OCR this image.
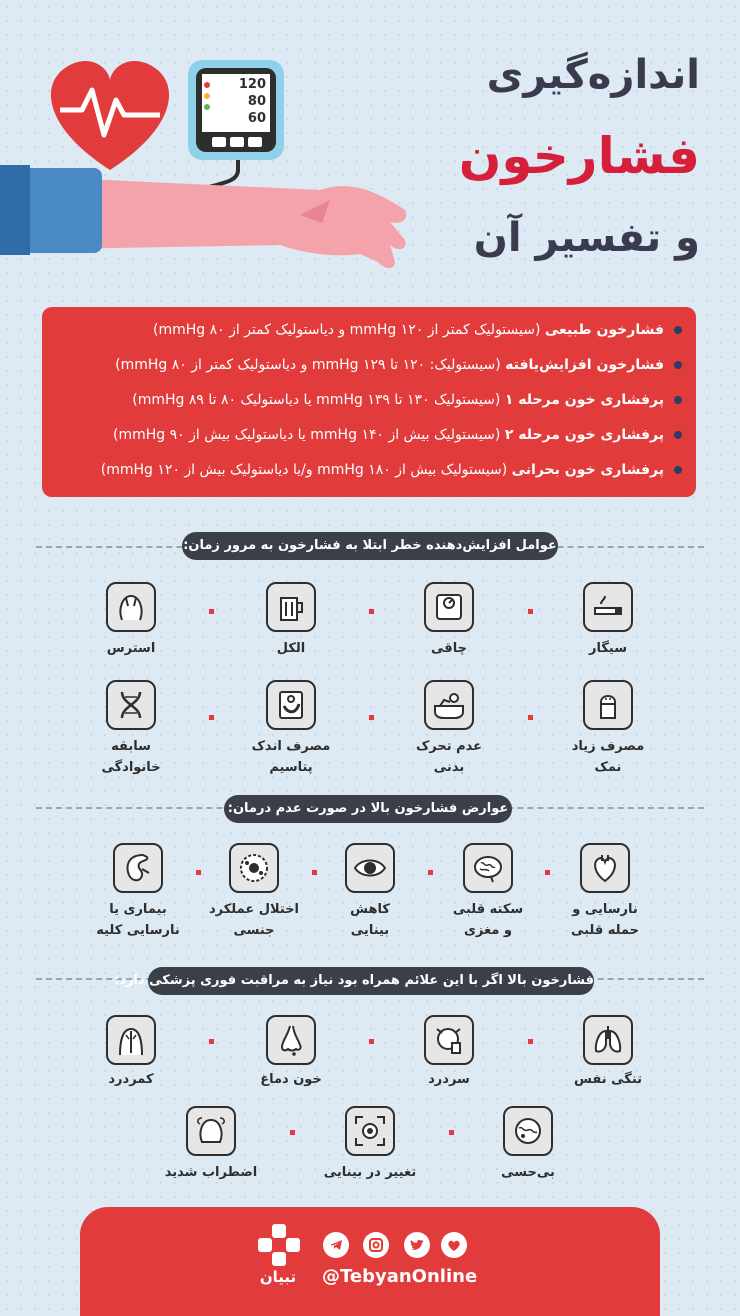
120
80
60
اندازه‌گیری
فشارخون
و تفسیر آن
فشارخون طبیعی (سیستولیک کمتر از ۱۲۰ mmHg و دیاستولیک کمتر از ۸۰ mmHg)
فشارخون افزایش‌یافته (سیستولیک: ۱۲۰ تا ۱۲۹ mmHg و دیاستولیک کمتر از ۸۰ mmHg)
پرفشاری خون مرحله ۱ (سیستولیک ۱۳۰ تا ۱۳۹ mmHg یا دیاستولیک ۸۰ تا ۸۹ mmHg)
پرفشاری خون مرحله ۲ (سیستولیک بیش از ۱۴۰ mmHg یا دیاستولیک بیش از ۹۰ mmHg)
پرفشاری خون بحرانی (سیستولیک بیش از ۱۸۰ mmHg و/یا دیاستولیک بیش از ۱۲۰ mmHg)
عوامل افزایش‌دهنده خطر ابتلا به فشارخون به مرور زمان:
سیگار
چاقی
الکل
استرس
مصرف زیاد
نمک
عدم تحرک
بدنی
مصرف اندک
پتاسیم
سابقه
خانوادگی
عوارض فشارخون بالا در صورت عدم درمان:
نارسایی و
حمله قلبی
سکته قلبی
و مغزی
کاهش
بینایی
اختلال عملکرد
جنسی
بیماری یا
نارسایی کلیه
فشارخون بالا اگر با این علائم همراه بود نیاز به مراقبت فوری پزشکی دارد:
تنگی نفس
سردرد
خون دماغ
کمردرد
بی‌حسی
تغییر در بینایی
اضطراب شدید
@TebyanOnline
تبیان
